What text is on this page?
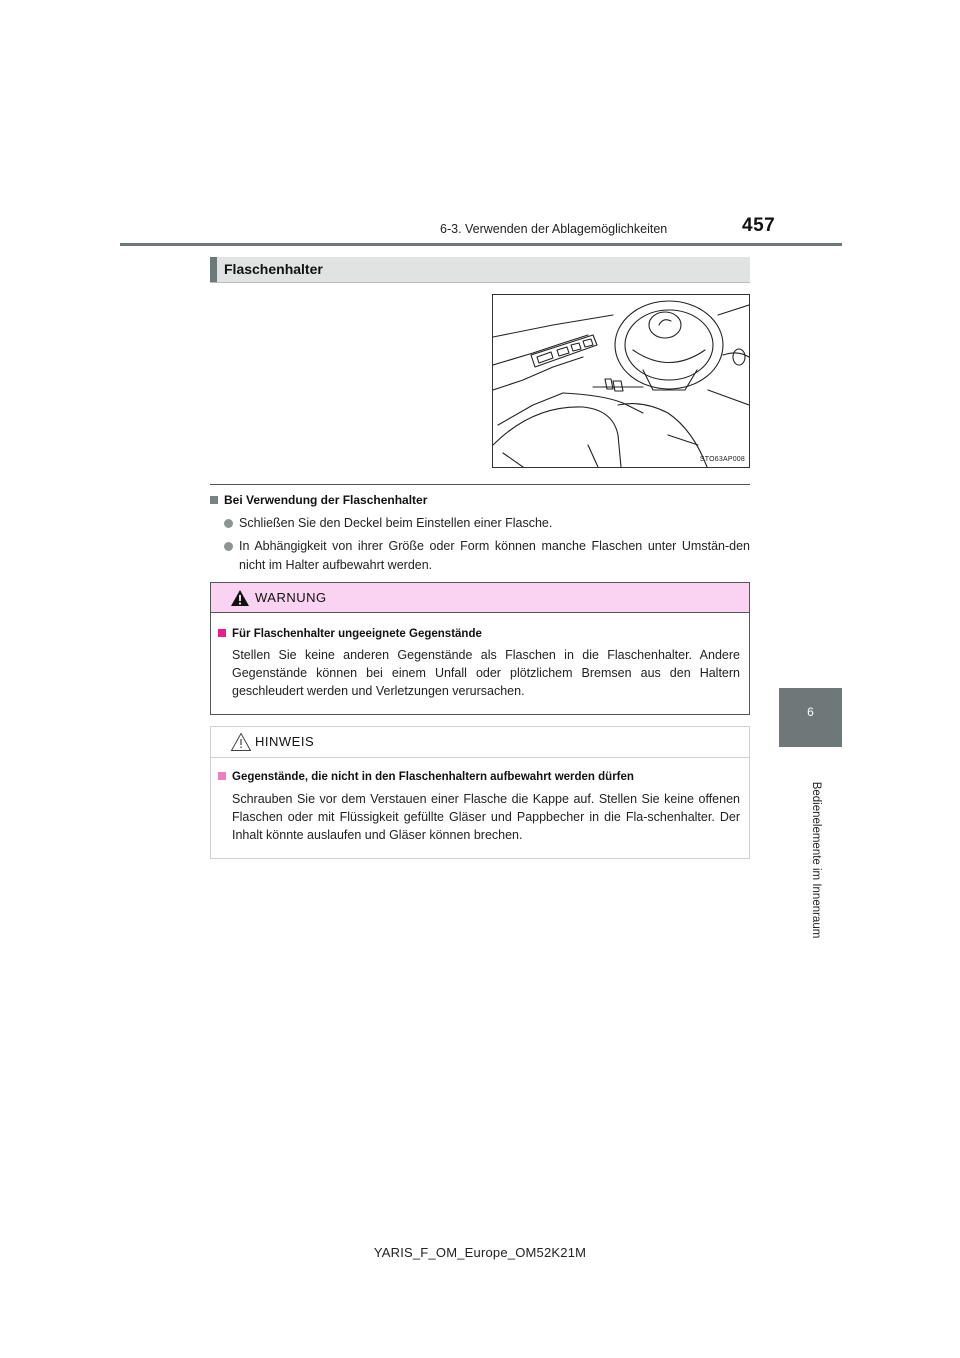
6-3. Verwenden der Ablagemöglichkeiten	457
6
Bedienelemente im Innenraum
Flaschenhalter
STO63AP008
Bei Verwendung der Flaschenhalter
Schließen Sie den Deckel beim Einstellen einer Flasche.
In Abhängigkeit von ihrer Größe oder Form können manche Flaschen unter Umstän-den nicht im Halter aufbewahrt werden.
WARNUNG
Für Flaschenhalter ungeeignete Gegenstände
Stellen Sie keine anderen Gegenstände als Flaschen in die Flaschenhalter. Andere Gegenstände können bei einem Unfall oder plötzlichem Bremsen aus den Haltern geschleudert werden und Verletzungen verursachen.
HINWEIS
Gegenstände, die nicht in den Flaschenhaltern aufbewahrt werden dürfen
Schrauben Sie vor dem Verstauen einer Flasche die Kappe auf. Stellen Sie keine offenen Flaschen oder mit Flüssigkeit gefüllte Gläser und Pappbecher in die Fla-schenhalter. Der Inhalt könnte auslaufen und Gläser können brechen.
YARIS_F_OM_Europe_OM52K21M
